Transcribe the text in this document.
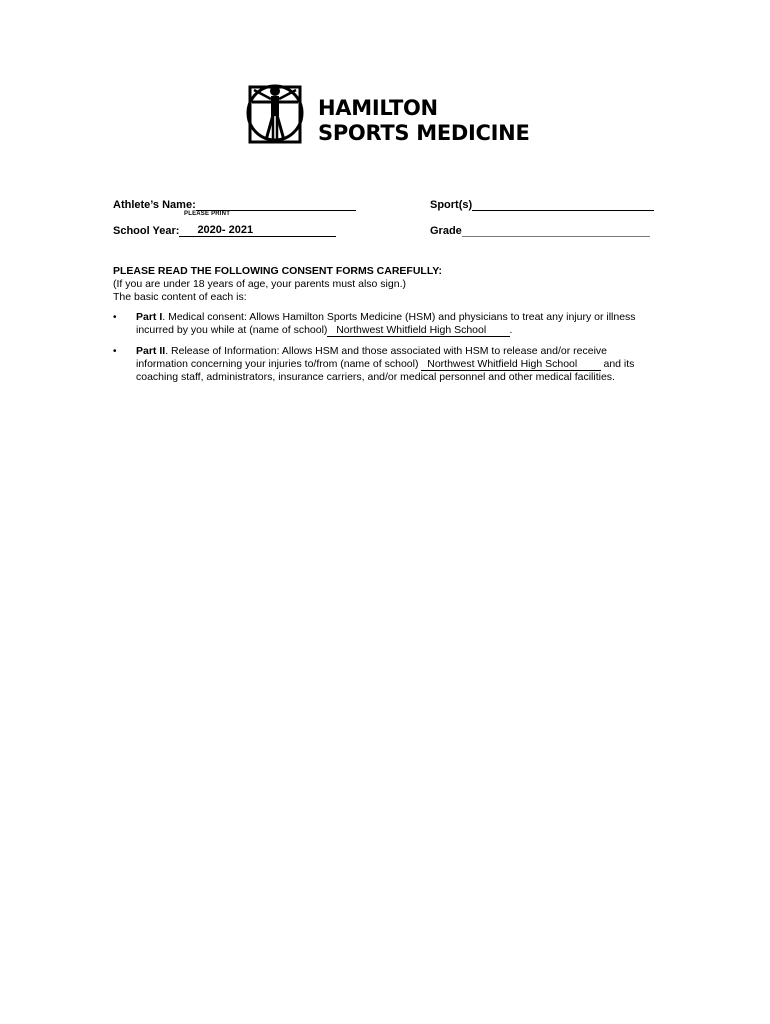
HAMILTON
SPORTS MEDICINE
Athlete’s Name:
PLEASE PRINT
Sport(s)
School Year: 2020- 2021	Grade
PLEASE READ THE FOLLOWING CONSENT FORMS CAREFULLY:
(If you are under 18 years of age, your parents must also sign.)
The basic content of each is:
• Part I. Medical consent: Allows Hamilton Sports Medicine (HSM) and physicians to treat any injury or illness incurred by you while at (name of school) Northwest Whitfield High School .
• Part II. Release of Information: Allows HSM and those associated with HSM to release and/or receive information concerning your injuries to/from (name of school) Northwest Whitfield High School	and its coaching staff, administrators, insurance carriers, and/or medical personnel and other medical facilities.
